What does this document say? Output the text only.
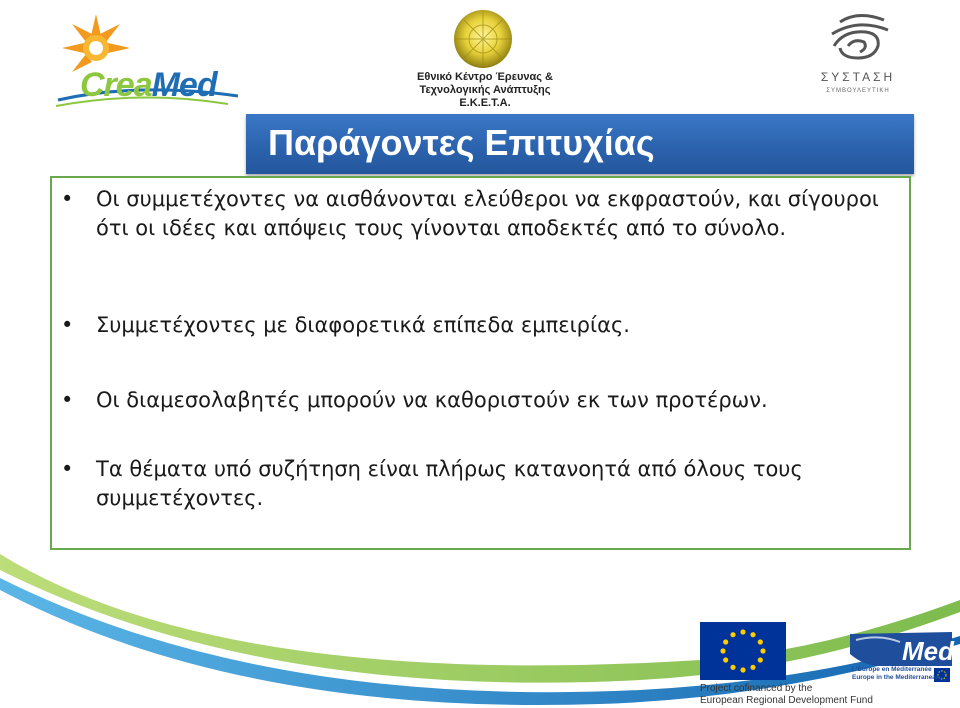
CreaMed	Εθνικό Κέντρο Έρευνας &
Τεχνολογικής Ανάπτυξης
Ε.Κ.Ε.Τ.Α.
ΣΥΣΤΑΣΗ
ΣΥΜΒΟΥΛΕΥΤΙΚΗ
Παράγοντες Επιτυχίας
• Οι συμμετέχοντες να αισθάνονται ελεύθεροι να εκφραστούν, και σίγουροι ότι οι ιδέες και απόψεις τους γίνονται αποδεκτές από το σύνολο.
• Συμμετέχοντες με διαφορετικά επίπεδα εμπειρίας.
• Οι διαμεσολαβητές μπορούν να καθοριστούν εκ των προτέρων.
• Τα θέματα υπό συζήτηση είναι πλήρως κατανοητά από όλους τους συμμετέχοντες.
Med
L'Europe en Méditerranée
Europe in the Mediterranean
Project cofinanced by the
European Regional Development Fund
